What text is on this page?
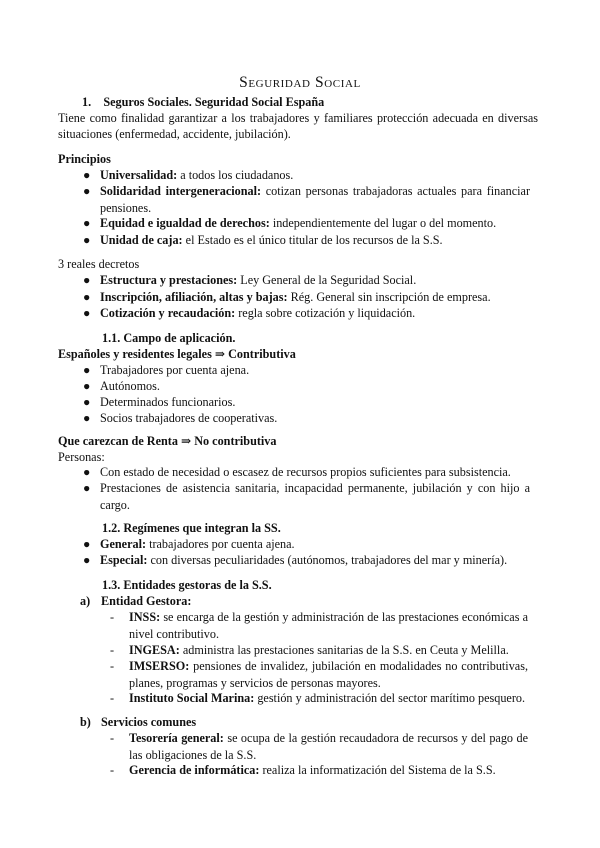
Seguridad Social
1.    Seguros Sociales. Seguridad Social España
Tiene como finalidad garantizar a los trabajadores y familiares protección adecuada en diversas situaciones (enfermedad, accidente, jubilación).
Principios
● Universalidad: a todos los ciudadanos.
● Solidaridad intergeneracional: cotizan personas trabajadoras actuales para financiar pensiones.
● Equidad e igualdad de derechos: independientemente del lugar o del momento.
● Unidad de caja: el Estado es el único titular de los recursos de la S.S.
3 reales decretos
● Estructura y prestaciones: Ley General de la Seguridad Social.
● Inscripción, afiliación, altas y bajas: Rég. General sin inscripción de empresa.
● Cotización y recaudación: regla sobre cotización y liquidación.
1.1. Campo de aplicación.
Españoles y residentes legales ⇒ Contributiva
● Trabajadores por cuenta ajena.
● Autónomos.
● Determinados funcionarios.
● Socios trabajadores de cooperativas.
Que carezcan de Renta ⇒ No contributiva
Personas:
● Con estado de necesidad o escasez de recursos propios suficientes para subsistencia.
● Prestaciones de asistencia sanitaria, incapacidad permanente, jubilación y con hijo a cargo.
1.2. Regímenes que integran la SS.
● General: trabajadores por cuenta ajena.
● Especial: con diversas peculiaridades (autónomos, trabajadores del mar y minería).
1.3. Entidades gestoras de la S.S.
a) Entidad Gestora:
- INSS: se encarga de la gestión y administración de las prestaciones económicas a nivel contributivo.
- INGESA: administra las prestaciones sanitarias de la S.S. en Ceuta y Melilla.
- IMSERSO: pensiones de invalidez, jubilación en modalidades no contributivas, planes, programas y servicios de personas mayores.
- Instituto Social Marina: gestión y administración del sector marítimo pesquero.
b) Servicios comunes
- Tesorería general: se ocupa de la gestión recaudadora de recursos y del pago de las obligaciones de la S.S.
- Gerencia de informática: realiza la informatización del Sistema de la S.S.
